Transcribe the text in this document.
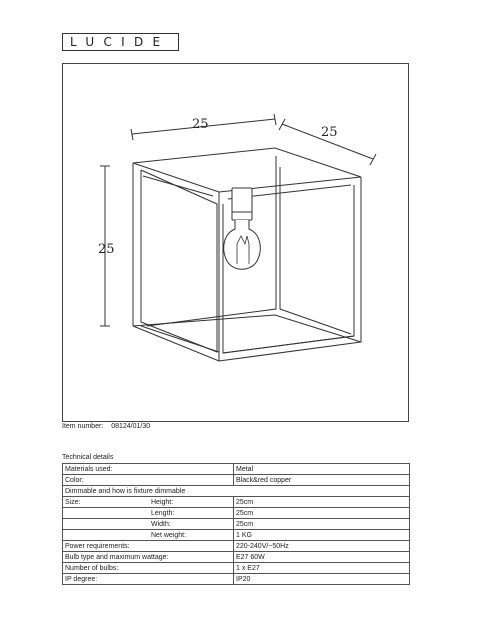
LUCIDE
25
25
25
Item number: 08124/01/30
Technical details
Materials used:	Metal
Color:	Black&red copper
Dimmable and how is fixture dimmable	
Size: Height:	25cm
Length:	25cm
Width:	25cm
Net weight:	1 KG
Power requirements:	220-240V/~50Hz
Bulb type and maximum wattage:	E27 60W
Number of bulbs:	1 x E27
IP degree:	IP20
